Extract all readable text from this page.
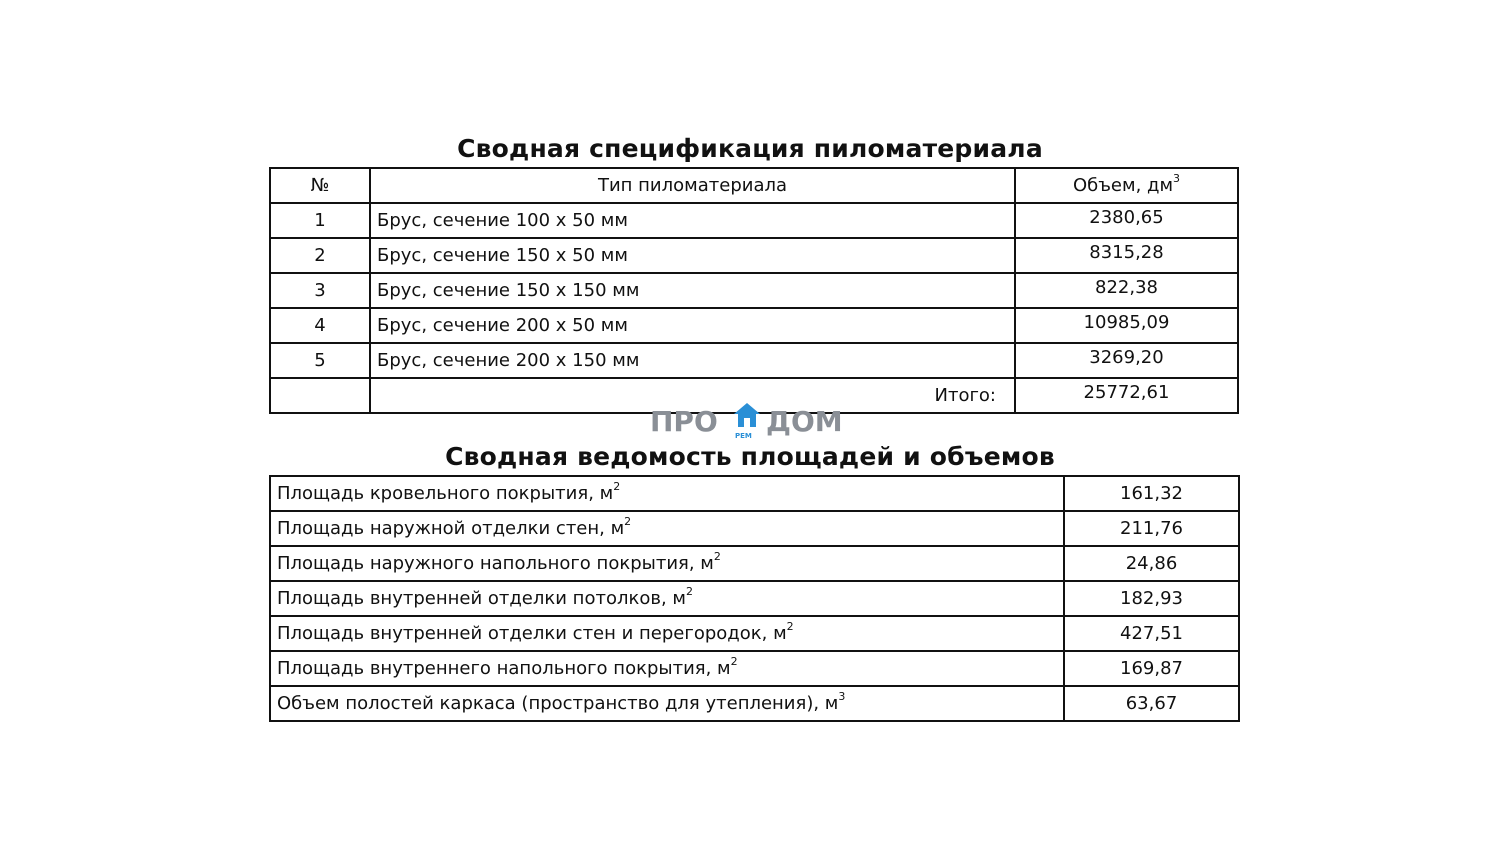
Сводная спецификация пиломатериала
№	Тип пиломатериала	Объем, $дм^3$
1	Брус, сечение 100 х 50 мм	2380,65
2	Брус, сечение 150 х 50 мм	8315,28
3	Брус, сечение 150 х 150 мм	822,38
4	Брус, сечение 200 х 50 мм	10985,09
5	Брус, сечение 200 х 150 мм	3269,20
	Итого:	25772,61
ПРО РЕМ ДОМ
Сводная ведомость площадей и объемов
Площадь кровельного покрытия, $м^2$	161,32
Площадь наружной отделки стен, $м^2$	211,76
Площадь наружного напольного покрытия, $м^2$	24,86
Площадь внутренней отделки потолков, $м^2$	182,93
Площадь внутренней отделки стен и перегородок, $м^2$	427,51
Площадь внутреннего напольного покрытия, $м^2$	169,87
Объем полостей каркаса (пространство для утепления), $м^3$	63,67
